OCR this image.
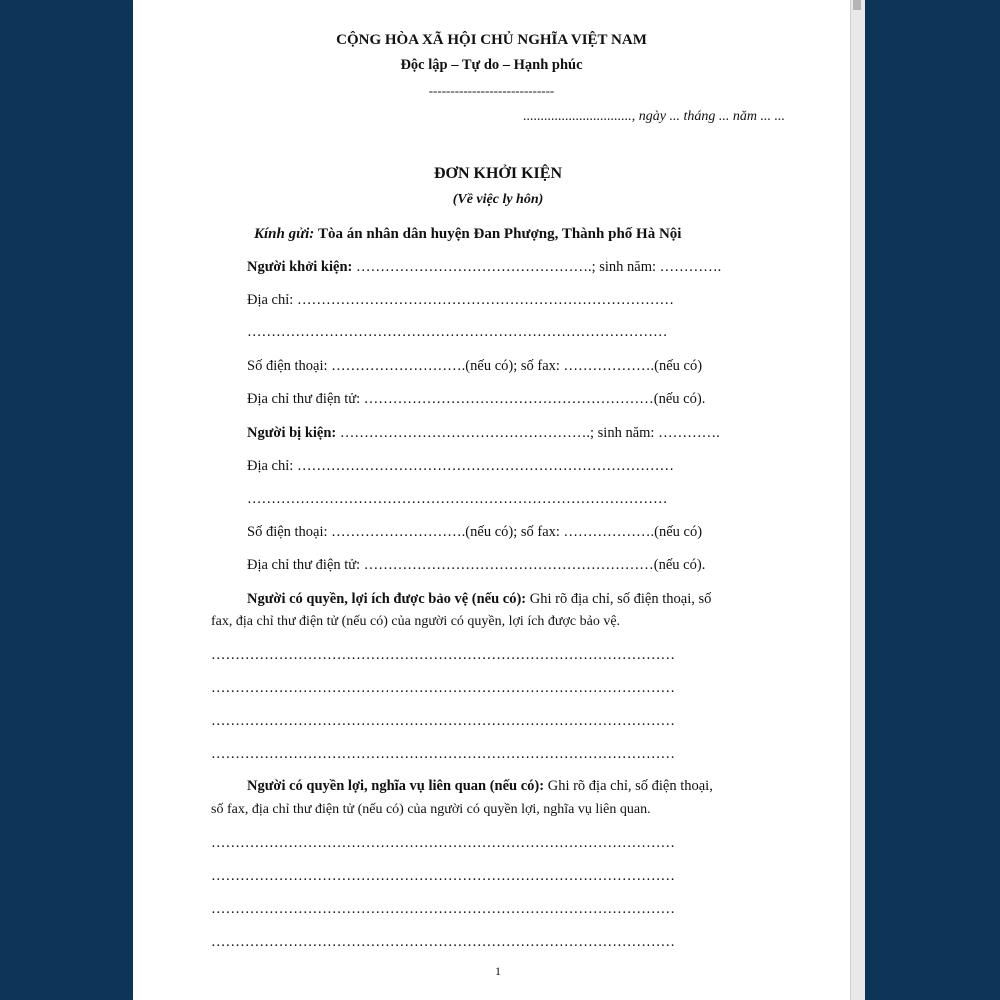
CỘNG HÒA XÃ HỘI CHỦ NGHĨA VIỆT NAM
Độc lập – Tự do – Hạnh phúc
-----------------------------
..............................., ngày ... tháng ... năm ... ...
ĐƠN KHỞI KIỆN
(Về việc ly hôn)
Kính gửi: Tòa án nhân dân huyện Đan Phượng, Thành phố Hà Nội
Người khởi kiện: ………………………………………….; sinh năm: ………….
Địa chỉ: ……………………………………………………………………
……………………………………………………………………………
Số điện thoại: ……………………….(nếu có); số fax: ……………….(nếu có)
Địa chỉ thư điện tử: ……………………………………………………(nếu có).
Người bị kiện: …………………………………………….; sinh năm: ………….
Địa chỉ: ……………………………………………………………………
……………………………………………………………………………
Số điện thoại: ……………………….(nếu có); số fax: ……………….(nếu có)
Địa chỉ thư điện tử: ……………………………………………………(nếu có).
Người có quyền, lợi ích được bảo vệ (nếu có): Ghi rõ địa chỉ, số điện thoại, số
fax, địa chỉ thư điện tử (nếu có) của người có quyền, lợi ích được bảo vệ.
……………………………………………………………………………………
……………………………………………………………………………………
……………………………………………………………………………………
……………………………………………………………………………………
Người có quyền lợi, nghĩa vụ liên quan (nếu có): Ghi rõ địa chỉ, số điện thoại,
số fax, địa chỉ thư điện tử (nếu có) của người có quyền lợi, nghĩa vụ liên quan.
……………………………………………………………………………………
……………………………………………………………………………………
……………………………………………………………………………………
……………………………………………………………………………………
1
